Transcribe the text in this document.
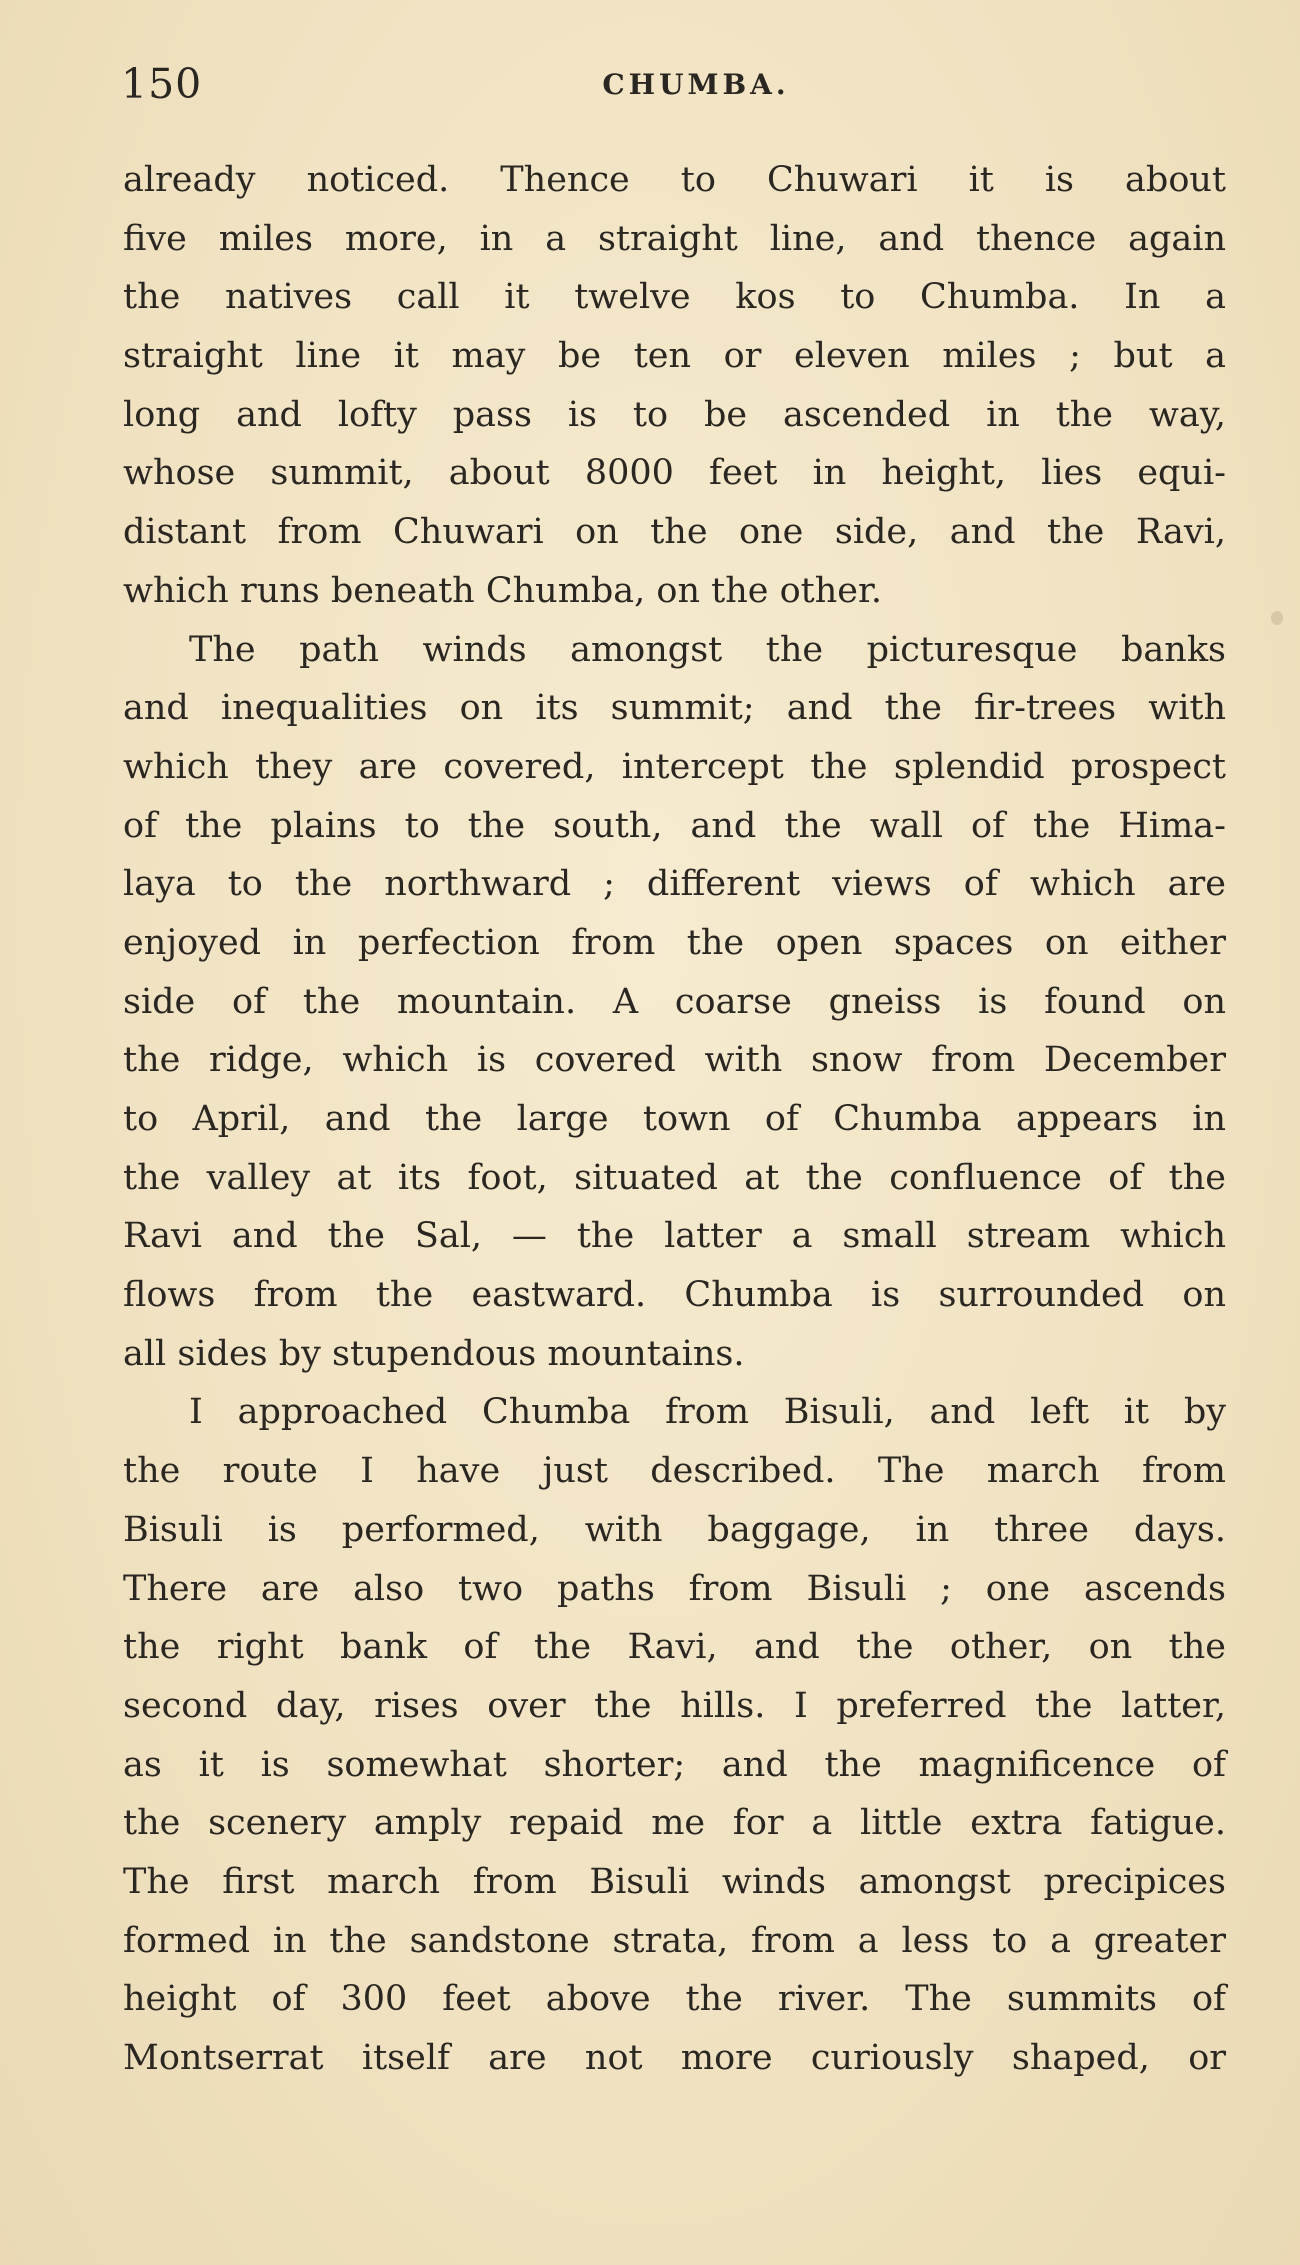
150	CHUMBA.
already noticed. Thence to Chuwari it is about
five miles more, in a straight line, and thence again
the natives call it twelve kos to Chumba. In a
straight line it may be ten or eleven miles ; but a
long and lofty pass is to be ascended in the way,
whose summit, about 8000 feet in height, lies equi-
distant from Chuwari on the one side, and the Ravi,
which runs beneath Chumba, on the other.
The path winds amongst the picturesque banks
and inequalities on its summit; and the fir-trees with
which they are covered, intercept the splendid prospect
of the plains to the south, and the wall of the Hima-
laya to the northward ; different views of which are
enjoyed in perfection from the open spaces on either
side of the mountain. A coarse gneiss is found on
the ridge, which is covered with snow from December
to April, and the large town of Chumba appears in
the valley at its foot, situated at the confluence of the
Ravi and the Sal, — the latter a small stream which
flows from the eastward. Chumba is surrounded on
all sides by stupendous mountains.
I approached Chumba from Bisuli, and left it by
the route I have just described. The march from
Bisuli is performed, with baggage, in three days.
There are also two paths from Bisuli ; one ascends
the right bank of the Ravi, and the other, on the
second day, rises over the hills. I preferred the latter,
as it is somewhat shorter; and the magnificence of
the scenery amply repaid me for a little extra fatigue.
The first march from Bisuli winds amongst precipices
formed in the sandstone strata, from a less to a greater
height of 300 feet above the river. The summits of
Montserrat itself are not more curiously shaped, or
